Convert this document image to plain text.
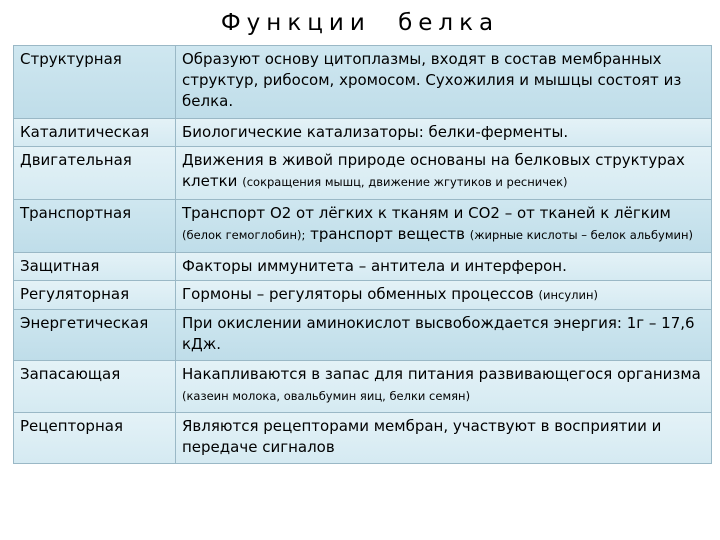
Функции белка
Структурная	Образуют основу цитоплазмы, входят в состав мембранных структур, рибосом, хромосом. Сухожилия и мышцы состоят из белка.
Каталитическая	Биологические катализаторы: белки-ферменты.
Двигательная	Движения в живой природе основаны на белковых структурах клетки (сокращения мышц, движение жгутиков и ресничек)
Транспортная	Транспорт О2 от лёгких к тканям и СО2 – от тканей к лёгким (белок гемоглобин); транспорт веществ (жирные кислоты – белок альбумин)
Защитная	Факторы иммунитета – антитела и интерферон.
Регуляторная	Гормоны – регуляторы обменных процессов (инсулин)
Энергетическая	При окислении аминокислот высвобождается энергия: 1г – 17,6 кДж.
Запасающая	Накапливаются в запас для питания развивающегося организма (казеин молока, овальбумин яиц, белки семян)
Рецепторная	Являются рецепторами мембран, участвуют в восприятии и передаче сигналов
